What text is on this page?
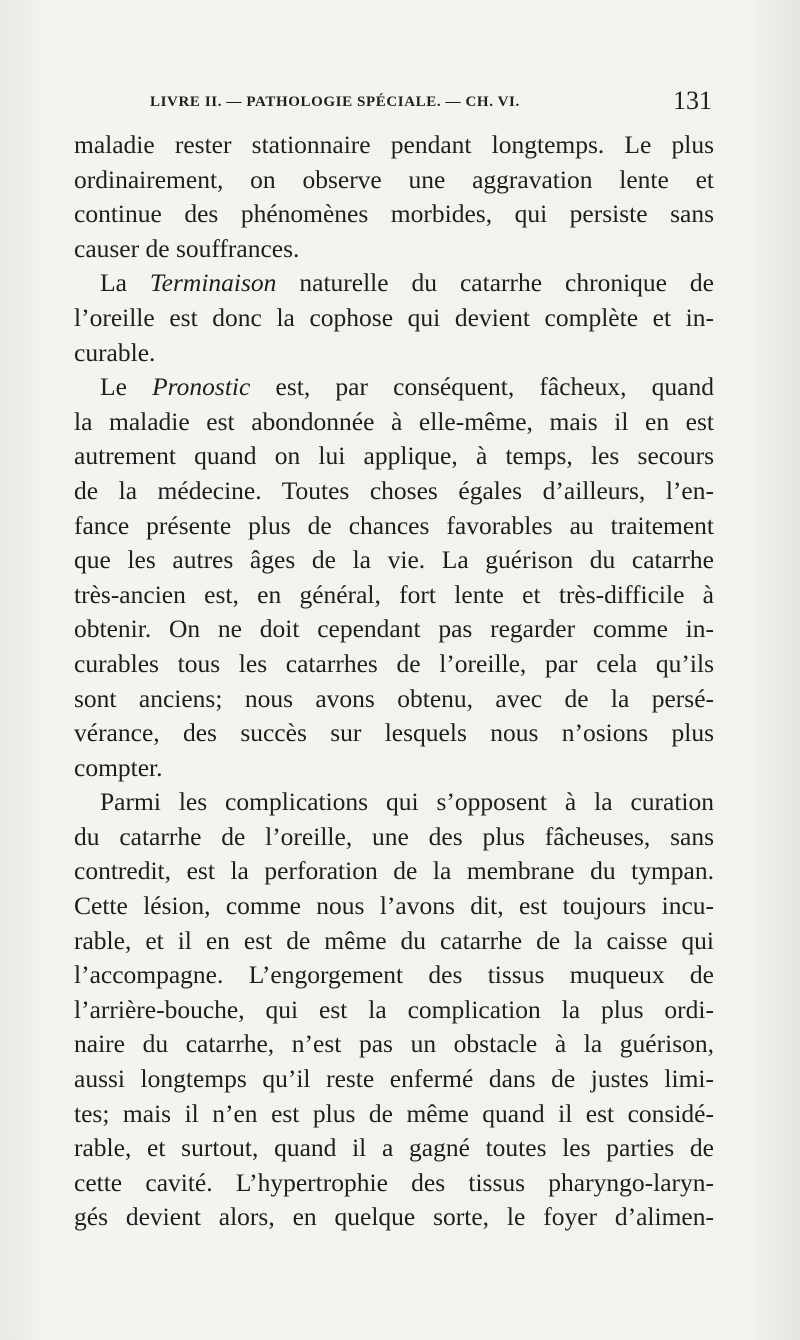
LIVRE II. — PATHOLOGIE SPÉCIALE. — CH. VI.	131
maladie rester stationnaire pendant longtemps. Le plus
ordinairement, on observe une aggravation lente et
continue des phénomènes morbides, qui persiste sans
causer de souffrances.
La Terminaison naturelle du catarrhe chronique de
l’oreille est donc la cophose qui devient complète et in-
curable.
Le Pronostic est, par conséquent, fâcheux, quand
la maladie est abondonnée à elle-même, mais il en est
autrement quand on lui applique, à temps, les secours
de la médecine. Toutes choses égales d’ailleurs, l’en-
fance présente plus de chances favorables au traitement
que les autres âges de la vie. La guérison du catarrhe
très-ancien est, en général, fort lente et très-difficile à
obtenir. On ne doit cependant pas regarder comme in-
curables tous les catarrhes de l’oreille, par cela qu’ils
sont anciens; nous avons obtenu, avec de la persé-
vérance, des succès sur lesquels nous n’osions plus
compter.
Parmi les complications qui s’opposent à la curation
du catarrhe de l’oreille, une des plus fâcheuses, sans
contredit, est la perforation de la membrane du tympan.
Cette lésion, comme nous l’avons dit, est toujours incu-
rable, et il en est de même du catarrhe de la caisse qui
l’accompagne. L’engorgement des tissus muqueux de
l’arrière-bouche, qui est la complication la plus ordi-
naire du catarrhe, n’est pas un obstacle à la guérison,
aussi longtemps qu’il reste enfermé dans de justes limi-
tes; mais il n’en est plus de même quand il est considé-
rable, et surtout, quand il a gagné toutes les parties de
cette cavité. L’hypertrophie des tissus pharyngo-laryn-
gés devient alors, en quelque sorte, le foyer d’alimen-
